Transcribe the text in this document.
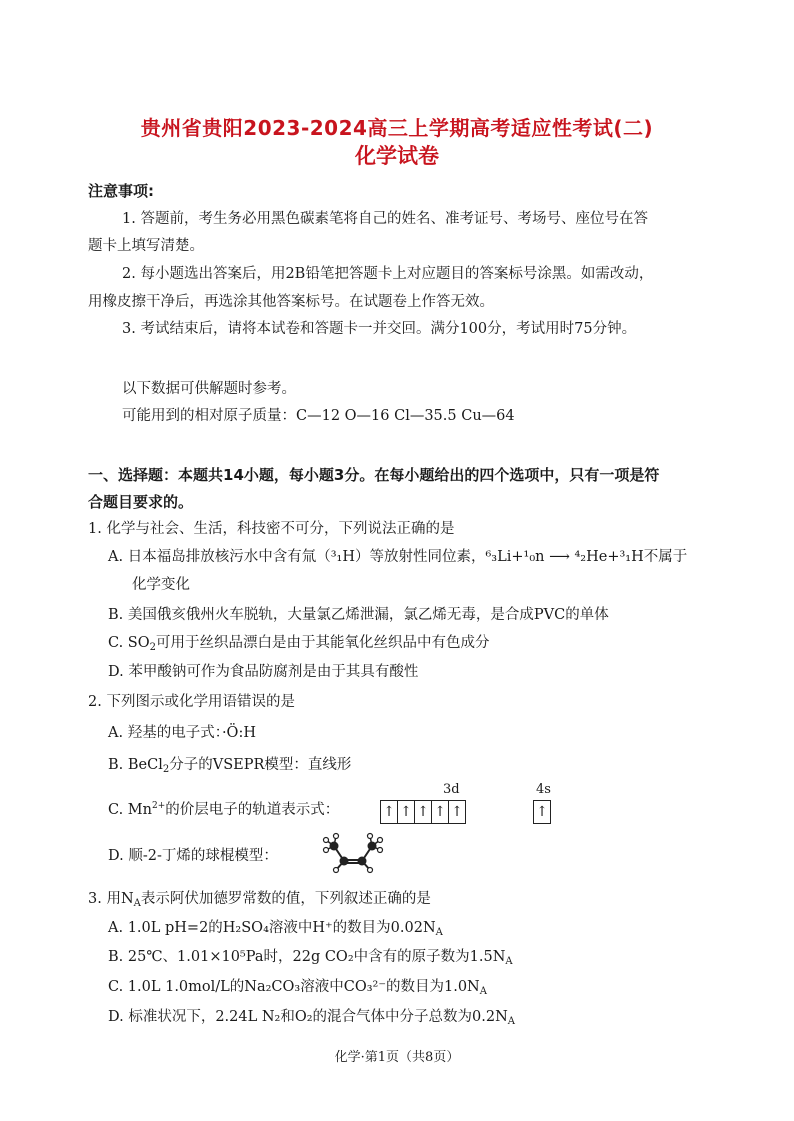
贵州省贵阳2023-2024高三上学期高考适应性考试(二)
化学试卷
注意事项:
1. 答题前，考生务必用黑色碳素笔将自己的姓名、准考证号、考场号、座位号在答
题卡上填写清楚。
2. 每小题选出答案后，用2B铅笔把答题卡上对应题目的答案标号涂黑。如需改动，
用橡皮擦干净后，再选涂其他答案标号。在试题卷上作答无效。
3. 考试结束后，请将本试卷和答题卡一并交回。满分100分，考试用时75分钟。
以下数据可供解题时参考。
可能用到的相对原子质量：C—12 O—16 Cl—35.5 Cu—64
一、选择题：本题共14小题，每小题3分。在每小题给出的四个选项中，只有一项是符
合题目要求的。
1. 化学与社会、生活，科技密不可分，下列说法正确的是
A. 日本福岛排放核污水中含有氚（³₁H）等放射性同位素，⁶₃Li+¹₀n ⟶ ⁴₂He+³₁H不属于
化学变化
B. 美国俄亥俄州火车脱轨，大量氯乙烯泄漏，氯乙烯无毒，是合成PVC的单体
C. $SO_2$可用于丝织品漂白是由于其能氧化丝织品中有色成分
D. 苯甲酸钠可作为食品防腐剂是由于其具有酸性
2. 下列图示或化学用语错误的是
A. 羟基的电子式：·Ö:H
B. BeCl$_2$分子的VSEPR模型：直线形
C. $Mn^{2+}$的价层电子的轨道表示式：
3d	4s
↑ ↑ ↑ ↑ ↑	↑
D. 顺-2-丁烯的球棍模型：
3. 用$N_A$表示阿伏加德罗常数的值，下列叙述正确的是
A. 1.0L pH=2的H₂SO₄溶液中H⁺的数目为$0.02N_A$
B. 25℃、1.01×10⁵Pa时，22g CO₂中含有的原子数为$1.5N_A$
C. 1.0L 1.0mol/L的Na₂CO₃溶液中CO₃²⁻的数目为$1.0N_A$
D. 标准状况下，2.24L N₂和O₂的混合气体中分子总数为$0.2N_A$
化学·第1页（共8页）
